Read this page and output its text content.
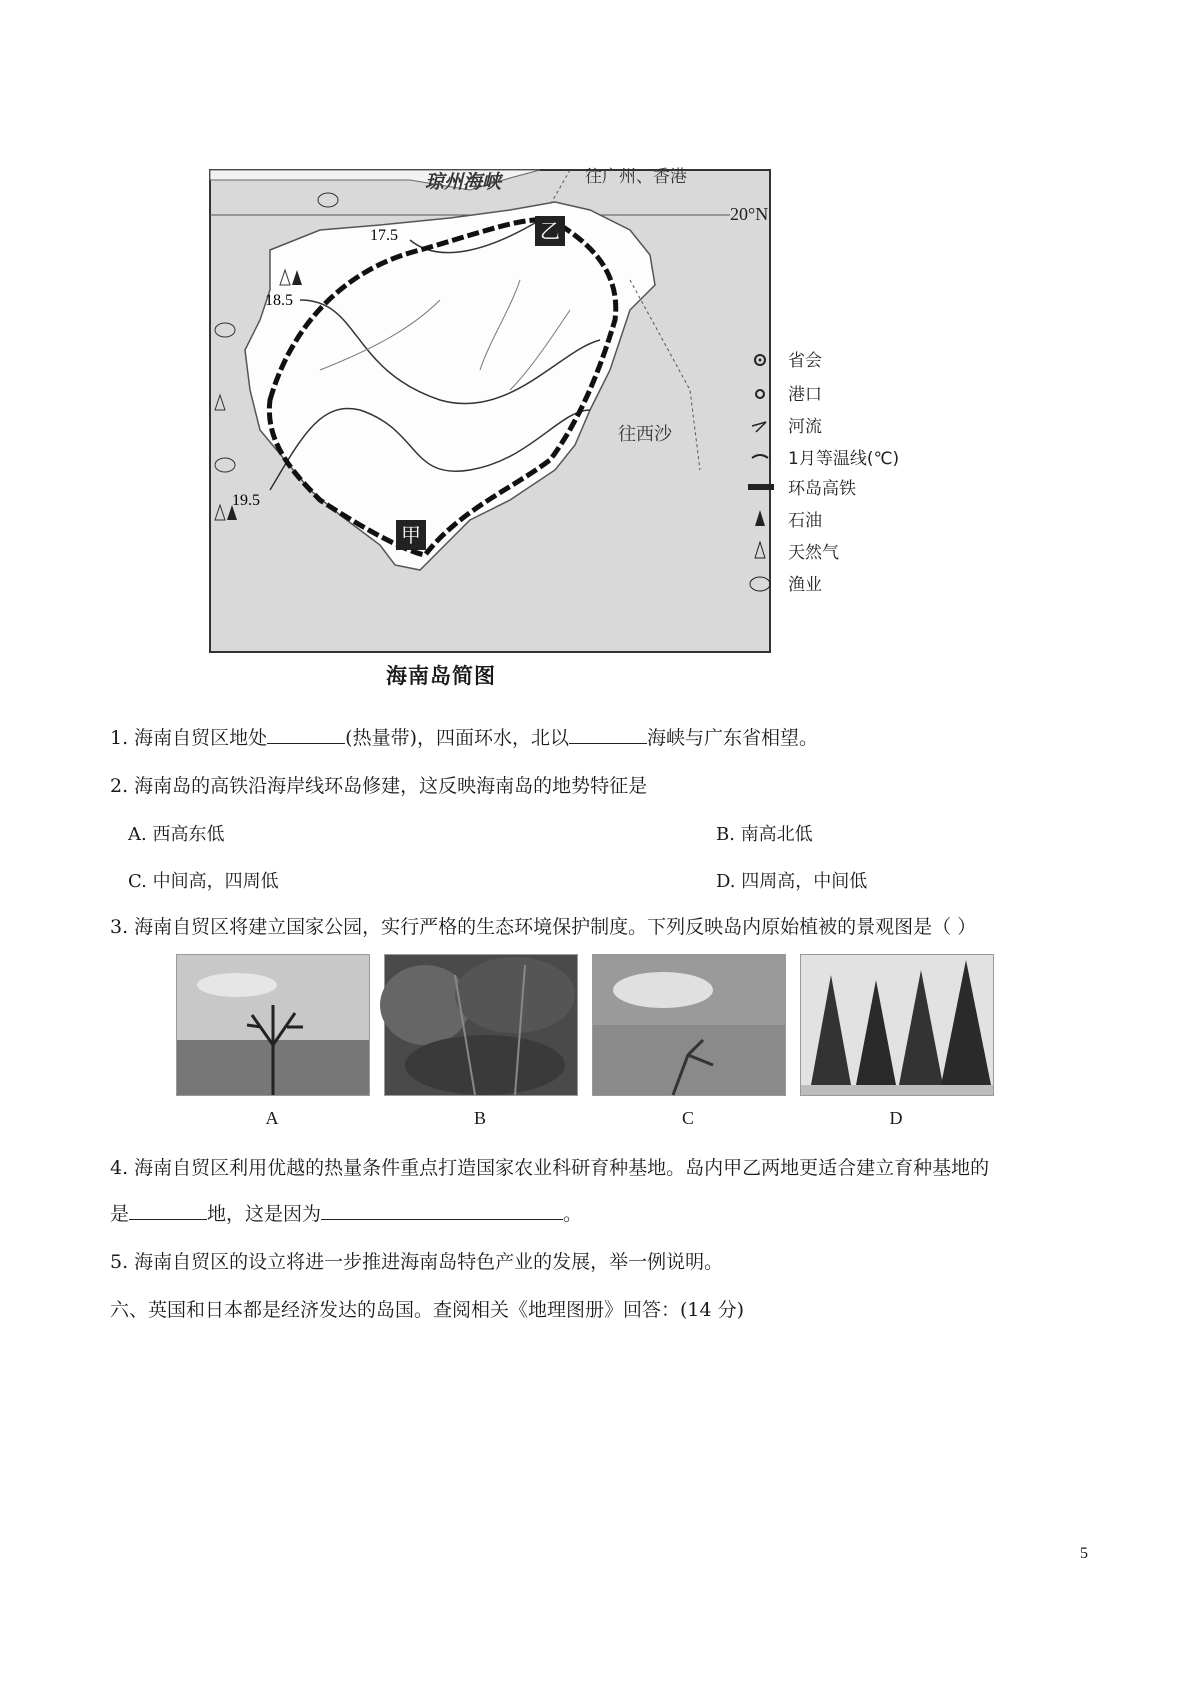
20°N
琼州海峡	往广州、香港
17.5
18.5
19.5
乙
甲
往西沙
省会
港口
河流
1月等温线(℃)
环岛高铁
石油
天然气
渔业
海南岛简图
1. 海南自贸区地处	(热量带)，四面环水，北以	海峡与广东省相望。
2. 海南岛的高铁沿海岸线环岛修建，这反映海南岛的地势特征是
A. 西高东低	B. 南高北低
C. 中间高，四周低	D. 四周高，中间低
3. 海南自贸区将建立国家公园，实行严格的生态环境保护制度。下列反映岛内原始植被的景观图是（ ）
A	B	C	D
4. 海南自贸区利用优越的热量条件重点打造国家农业科研育种基地。岛内甲乙两地更适合建立育种基地的
是	地，这是因为	。
5. 海南自贸区的设立将进一步推进海南岛特色产业的发展，举一例说明。
六、英国和日本都是经济发达的岛国。查阅相关《地理图册》回答：(14 分)
5
